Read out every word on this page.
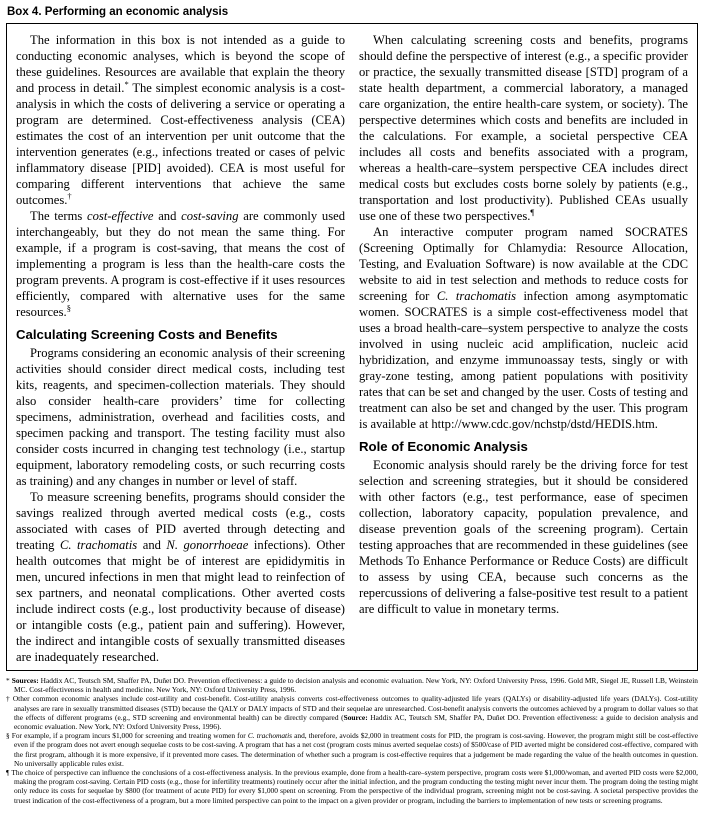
Box 4. Performing an economic analysis

The information in this box is not intended as a guide to conducting economic analyses, which is beyond the scope of these guidelines. Resources are available that explain the theory and process in detail.* The simplest economic analysis is a cost-analysis in which the costs of delivering a service or operating a program are determined. Cost-effectiveness analysis (CEA) estimates the cost of an intervention per unit outcome that the intervention generates (e.g., infections treated or cases of pelvic inflammatory disease [PID] avoided). CEA is most useful for comparing different interventions that achieve the same outcomes.†

The terms cost-effective and cost-saving are commonly used interchangeably, but they do not mean the same thing. For example, if a program is cost-saving, that means the cost of implementing a program is less than the health-care costs the program prevents. A program is cost-effective if it uses resources efficiently, compared with alternative uses for the same resources.§

Calculating Screening Costs and Benefits

Programs considering an economic analysis of their screening activities should consider direct medical costs, including test kits, reagents, and specimen-collection materials. They should also consider health-care providers’ time for collecting specimens, administration, overhead and facilities costs, and specimen packing and transport. The testing facility must also consider costs incurred in changing test technology (i.e., startup equipment, laboratory remodeling costs, or such recurring costs as training) and any changes in number or level of staff.

To measure screening benefits, programs should consider the savings realized through averted medical costs (e.g., costs associated with cases of PID averted through detecting and treating C. trachomatis and N. gonorrhoeae infections). Other health outcomes that might be of interest are epididymitis in men, uncured infections in men that might lead to reinfection of sex partners, and neonatal complications. Other averted costs include indirect costs (e.g., lost productivity because of disease) or intangible costs (e.g., patient pain and suffering). However, the indirect and intangible costs of sexually transmitted diseases are inadequately researched.

When calculating screening costs and benefits, programs should define the perspective of interest (e.g., a specific provider or practice, the sexually transmitted disease [STD] program of a state health department, a commercial laboratory, a managed care organization, the entire health-care system, or society). The perspective determines which costs and benefits are included in the calculations. For example, a societal perspective CEA includes all costs and benefits associated with a program, whereas a health-care–system perspective CEA includes direct medical costs but excludes costs borne solely by patients (e.g., transportation and lost productivity). Published CEAs usually use one of these two perspectives.¶

An interactive computer program named SOCRATES (Screening Optimally for Chlamydia: Resource Allocation, Testing, and Evaluation Software) is now available at the CDC website to aid in test selection and methods to reduce costs for screening for C. trachomatis infection among asymptomatic women. SOCRATES is a simple cost-effectiveness model that uses a broad health-care–system perspective to analyze the costs involved in using nucleic acid amplification, nucleic acid hybridization, and enzyme immunoassay tests, singly or with gray-zone testing, among patient populations with positivity rates that can be set and changed by the user. Costs of testing and treatment can also be set and changed by the user. This program is available at http://www.cdc.gov/nchstp/dstd/HEDIS.htm.

Role of Economic Analysis

Economic analysis should rarely be the driving force for test selection and screening strategies, but it should be considered with other factors (e.g., test performance, ease of specimen collection, laboratory capacity, population prevalence, and disease prevention goals of the screening program). Certain testing approaches that are recommended in these guidelines (see Methods To Enhance Performance or Reduce Costs) are difficult to assess by using CEA, because such concerns as the repercussions of delivering a false-positive test result to a patient are difficult to value in monetary terms.

* Sources: Haddix AC, Teutsch SM, Shaffer PA, Duñet DO. Prevention effectiveness: a guide to decision analysis and economic evaluation. New York, NY: Oxford University Press, 1996. Gold MR, Siegel JE, Russell LB, Weinstein MC. Cost-effectiveness in health and medicine. New York, NY: Oxford University Press, 1996.

† Other common economic analyses include cost-utility and cost-benefit. Cost-utility analysis converts cost-effectiveness outcomes to quality-adjusted life years (QALYs) or disability-adjusted life years (DALYs). Cost-utility analyses are rare in sexually transmitted diseases (STD) because the QALY or DALY impacts of STD and their sequelae are unresearched. Cost-benefit analysis converts the outcomes achieved by a program to dollar values so that the effects of different programs (e.g., STD screening and environmental health) can be directly compared (Source: Haddix AC, Teutsch SM, Shaffer PA, Duñet DO. Prevention effectiveness: a guide to decision analysis and economic evaluation. New York, NY: Oxford University Press, 1996).

§ For example, if a program incurs $1,000 for screening and treating women for C. trachomatis and, therefore, avoids $2,000 in treatment costs for PID, the program is cost-saving. However, the program might still be cost-effective even if the program does not avert enough sequelae costs to be cost-saving. A program that has a net cost (program costs minus averted sequelae costs) of $500/case of PID averted might be considered cost-effective, compared with the first program, although it is more expensive, if it prevented more cases. The determination of whether such a program is cost-effective requires that a judgement be made regarding the value of the health outcomes in question. No universally applicable rules exist.

¶ The choice of perspective can influence the conclusions of a cost-effectiveness analysis. In the previous example, done from a health-care–system perspective, program costs were $1,000/woman, and averted PID costs were $2,000, making the program cost-saving. Certain PID costs (e.g., those for infertility treatments) routinely occur after the initial infection, and the program conducting the testing might never incur them. The program doing the testing might only reduce its costs for sequelae by $800 (for treatment of acute PID) for every $1,000 spent on screening. From the perspective of the individual program, screening might not be cost-saving. A societal perspective provides the truest indication of the cost-effectiveness of a program, but a more limited perspective can point to the impact on a given provider or program, including the barriers to implementation of new tests or screening programs.
